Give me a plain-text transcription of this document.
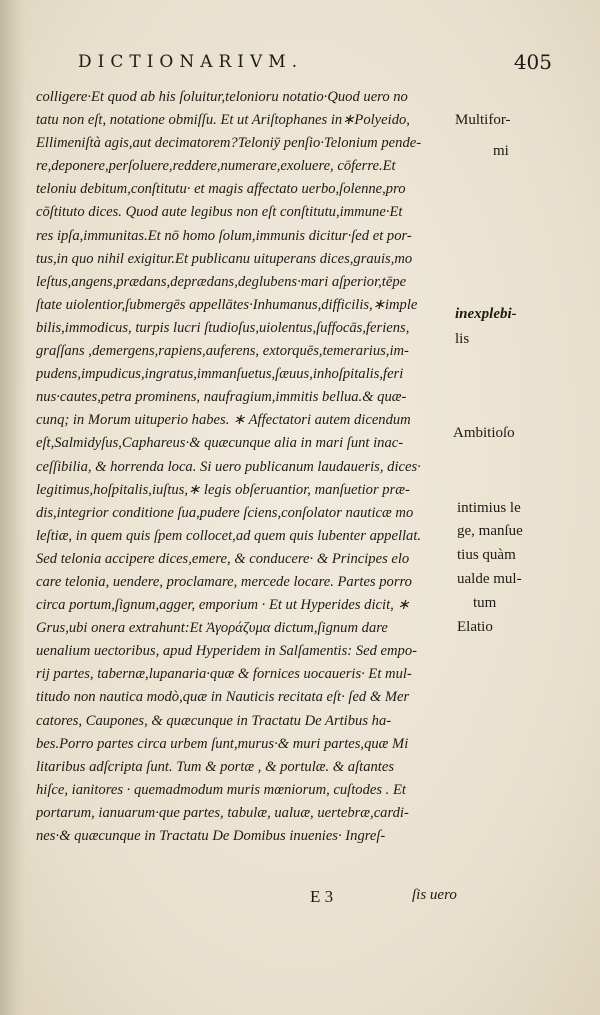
DICTIONARIVM.	405
colligere·Et quod ab his ſoluitur,telonioru notatio·Quod uero no
tatu non eſt, notatione obmiſſu. Et ut Ariſtophanes in∗Polyeido,
Ellimeniſtà agis,aut decimatorem?Teloniȳ penſio·Telonium pende-
re,deponere,perſoluere,reddere,numerare,exoluere, cōferre.Et
teloniu debitum,conſtitutu· et magis affectato uerbo,ſolenne,pro
cōſtituto dices. Quod aute legibus non eſt conſtitutu,immune·Et
res ipſa,immunitas.Et nō homo ſolum,immunis dicitur·ſed et por-
tus,in quo nihil exigitur.Et publicanu uituperans dices,grauis,mo
leſtus,angens,prædans,deprædans,deglubens·mari aſperior,tēpe
ſtate uiolentior,ſubmergēs appellātes·Inhumanus,difficilis,∗imple
bilis,immodicus, turpis lucri ſtudioſus,uiolentus,ſuffocās,feriens,
graſſans ,demergens,rapiens,auferens, extorquēs,temerarius,im-
pudens,impudicus,ingratus,immanſuetus,ſæuus,inhoſpitalis,feri
nus·cautes,petra prominens, naufragium,immitis bellua.& quæ-
cunq; in Morum uituperio habes. ∗ Affectatori autem dicendum
eſt,Salmidyſus,Caphareus·& quæcunque alia in mari ſunt inac-
ceſſibilia, & horrenda loca. Si uero publicanum laudaueris, dices·
legitimus,hoſpitalis,iuſtus,∗ legis obſeruantior, manſuetior præ-
dis,integrior conditione ſua,pudere ſciens,conſolator nauticæ mo
leſtiæ, in quem quis ſpem collocet,ad quem quis lubenter appellat.
Sed telonia accipere dices,emere, & conducere· & Principes elo
care telonia, uendere, proclamare, mercede locare. Partes porro
circa portum,ſignum,agger, emporium · Et ut Hyperides dicit, ∗
Grus,ubi onera extrahunt:Et Ἀγοράζυμα dictum,ſignum dare
uenalium uectoribus, apud Hyperidem in Salſamentis: Sed empo-
rij partes, tabernæ,lupanaria·quæ & fornices uocaueris· Et mul-
titudo non nautica modò,quæ in Nauticis recitata eſt· ſed & Mer
catores, Caupones, & quæcunque in Tractatu De Artibus ha-
bes.Porro partes circa urbem ſunt,murus·& muri partes,quæ Mi
litaribus adſcripta ſunt. Tum & portæ , & portulæ. & aſtantes
hiſce, ianitores · quemadmodum muris mœniorum, cuſtodes . Et
portarum, ianuarum·que partes, tabulæ, ualuæ, uertebræ,cardi-
nes·& quæcunque in Tractatu De Domibus inuenies· Ingreſ-
Multifor-
mi
inexplebi-
lis
Ambitioſo
intimius le
ge, manſue
tius quàm
ualde mul-
tum
Elatio
E 3	ſis uero
